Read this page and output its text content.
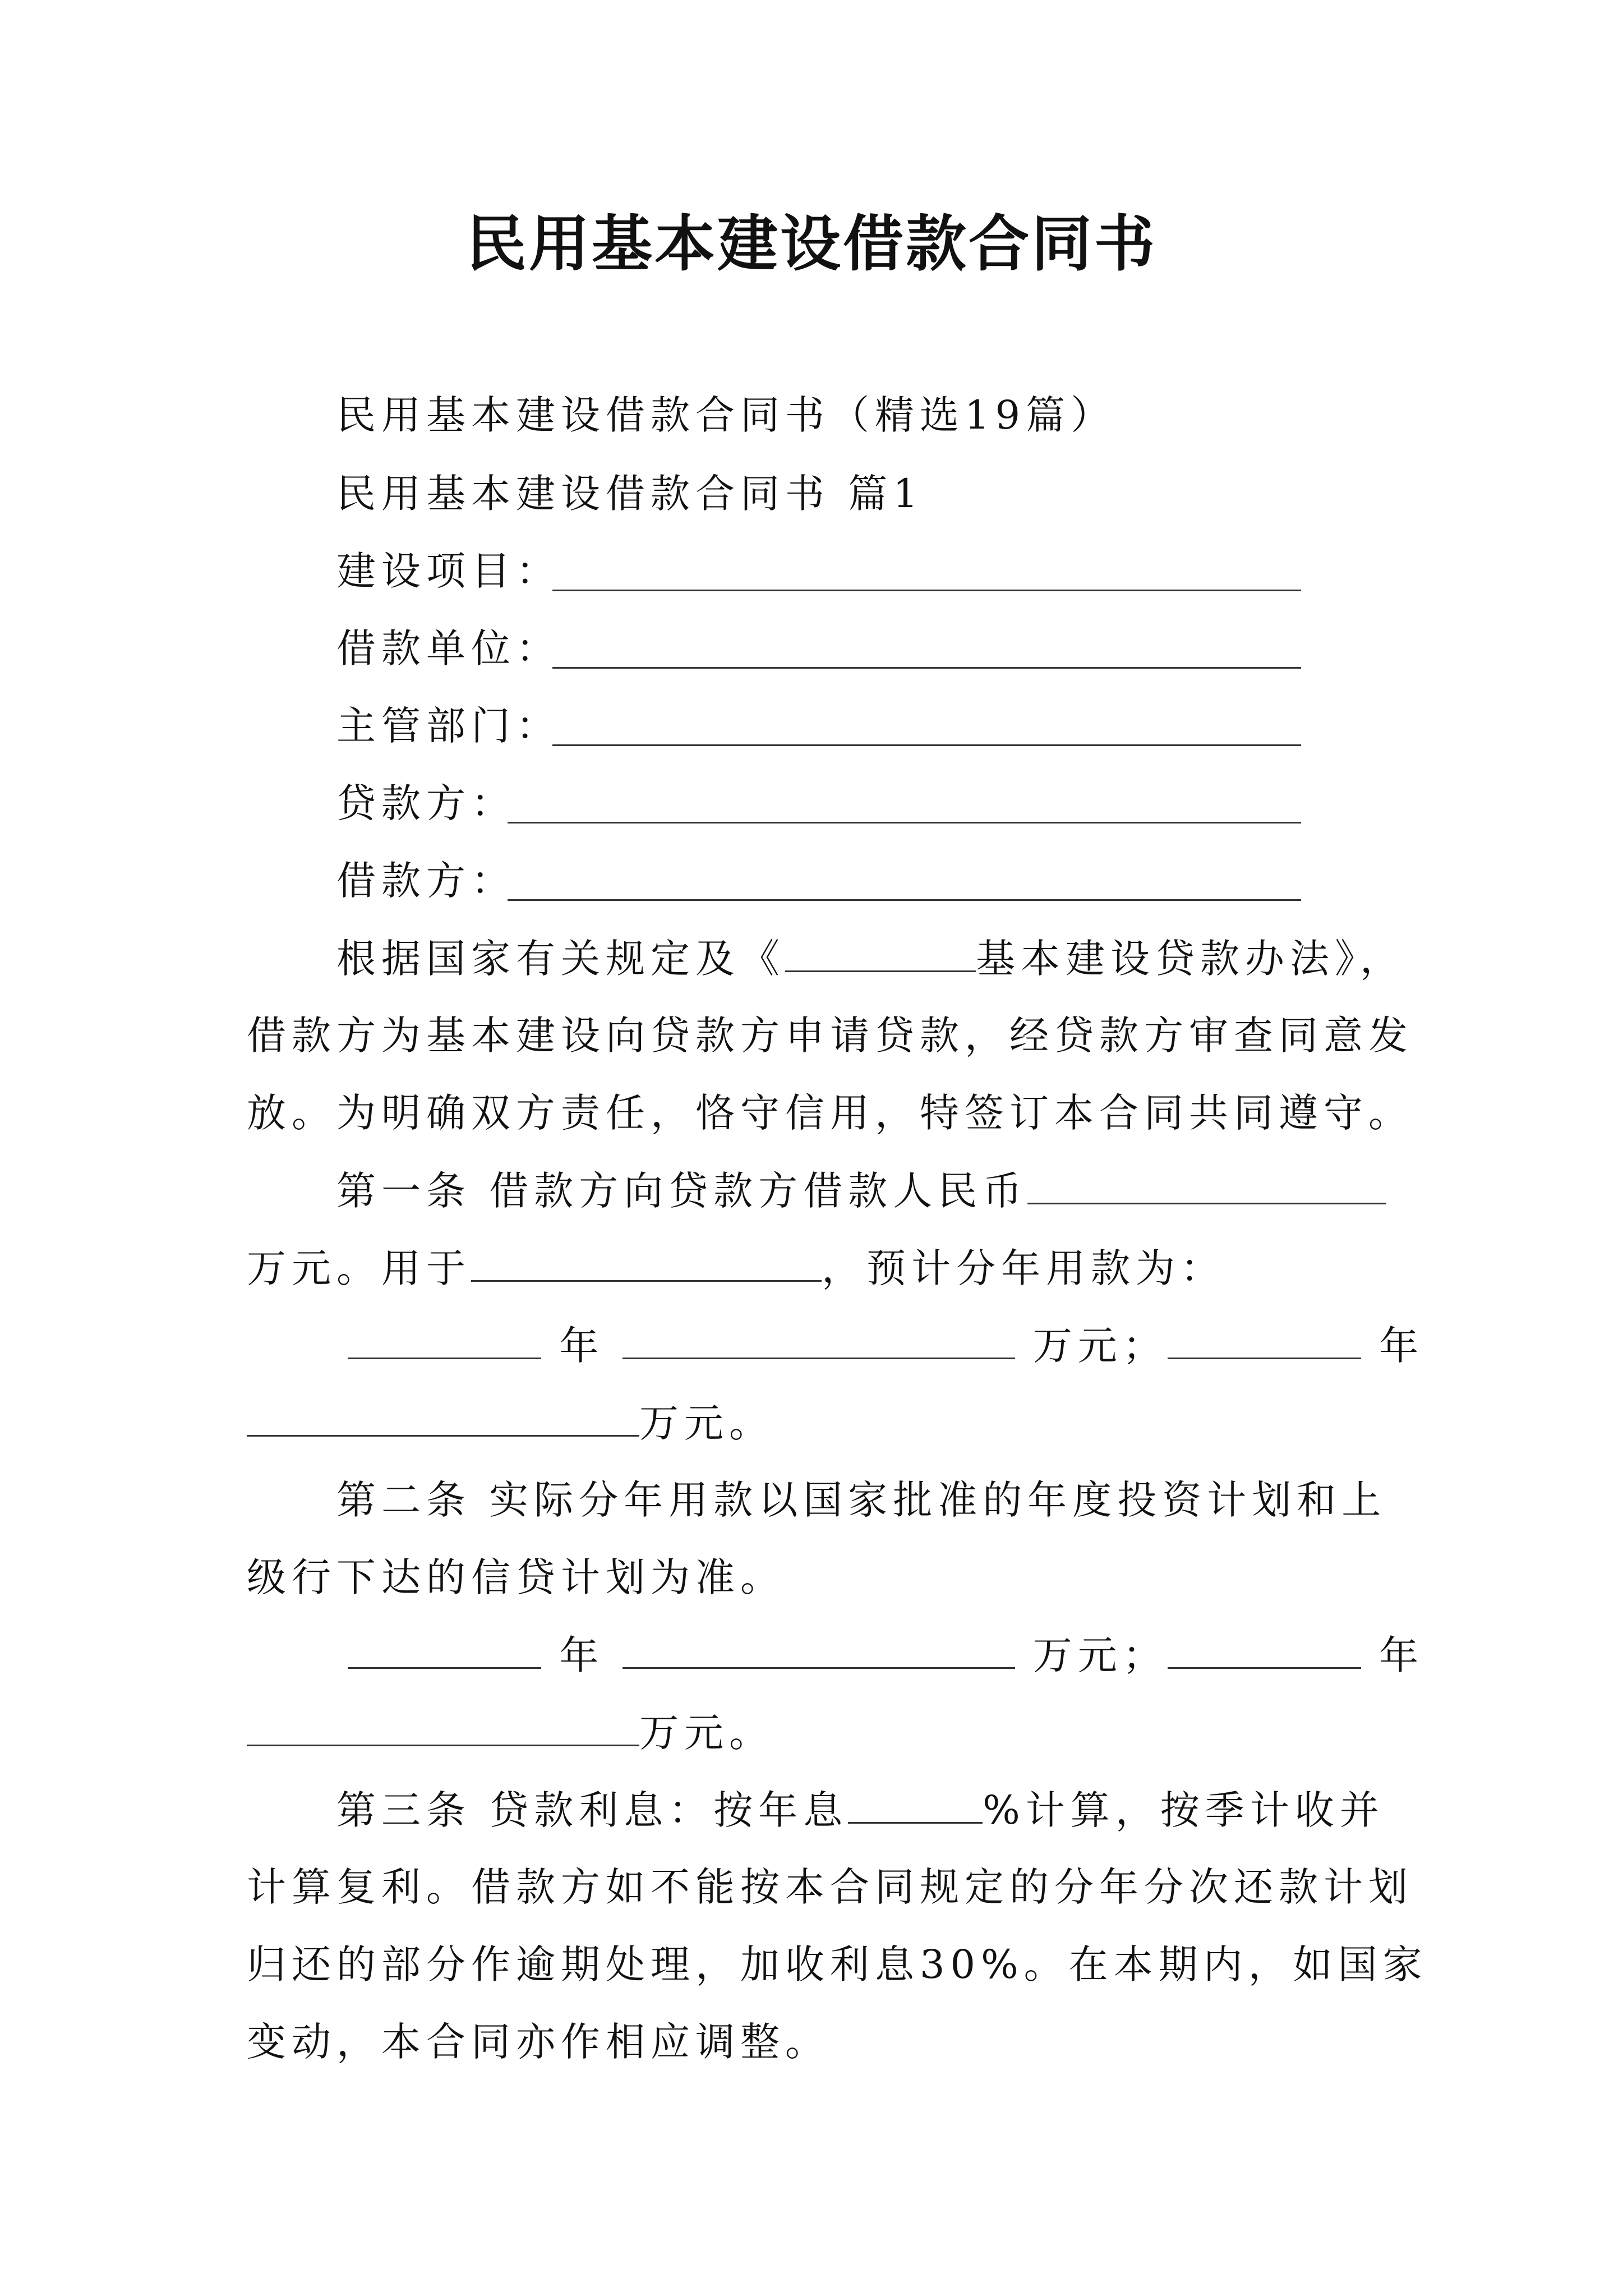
民用基本建设借款合同书
民用基本建设借款合同书（精选19篇）
民用基本建设借款合同书 篇1
建设项目：
借款单位：
主管部门：
贷款方：
借款方：
根据国家有关规定及《	基本建设贷款办法》，
借款方为基本建设向贷款方申请贷款，经贷款方审查同意发
放。为明确双方责任，恪守信用，特签订本合同共同遵守。
第一条 借款方向贷款方借款人民币
万元。用于	，预计分年用款为：
年	万元；	年
万元。
第二条 实际分年用款以国家批准的年度投资计划和上
级行下达的信贷计划为准。
年	万元；	年
万元。
第三条 贷款利息：按年息	%计算，按季计收并
计算复利。借款方如不能按本合同规定的分年分次还款计划
归还的部分作逾期处理，加收利息30%。在本期内，如国家
变动，本合同亦作相应调整。
